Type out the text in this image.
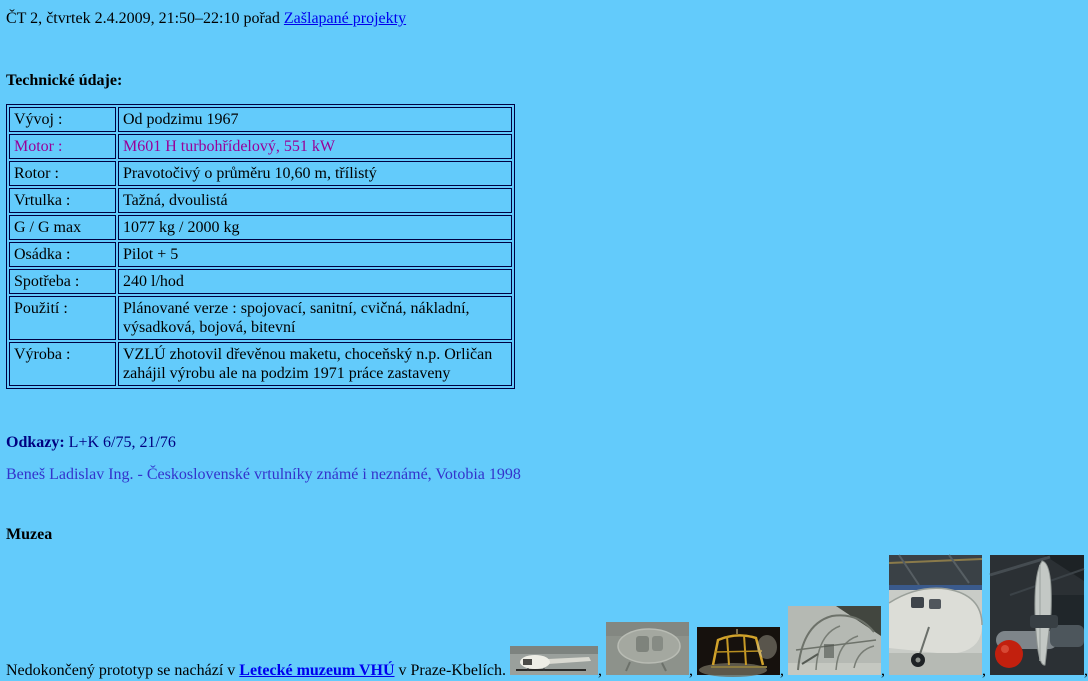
ČT 2, čtvrtek 2.4.2009, 21:50–22:10 pořad Zašlapané projekty

Technické údaje:

Vývoj :	Od podzimu 1967
Motor :	M601 H turbohřídelový, 551 kW
Rotor :	Pravotočivý o průměru 10,60 m, třílistý
Vrtulka :	Tažná, dvoulistá
G / G max	1077 kg / 2000 kg
Osádka :	Pilot + 5
Spotřeba :	240 l/hod
Použití :	Plánované verze : spojovací, sanitní, cvičná, nákladní, výsadková, bojová, bitevní
Výroba :	VZLÚ zhotovil dřevěnou maketu, choceňský n.p. Orličan zahájil výrobu ale na podzim 1971 práce zastaveny

Odkazy: L+K 6/75, 21/76

Beneš Ladislav Ing. - Československé vrtulníky známé i neznámé, Votobia 1998

Muzea

Nedokončený prototyp se nachází v Letecké muzeum VHÚ v Praze-Kbelích.	,	,	,	,	,	,
